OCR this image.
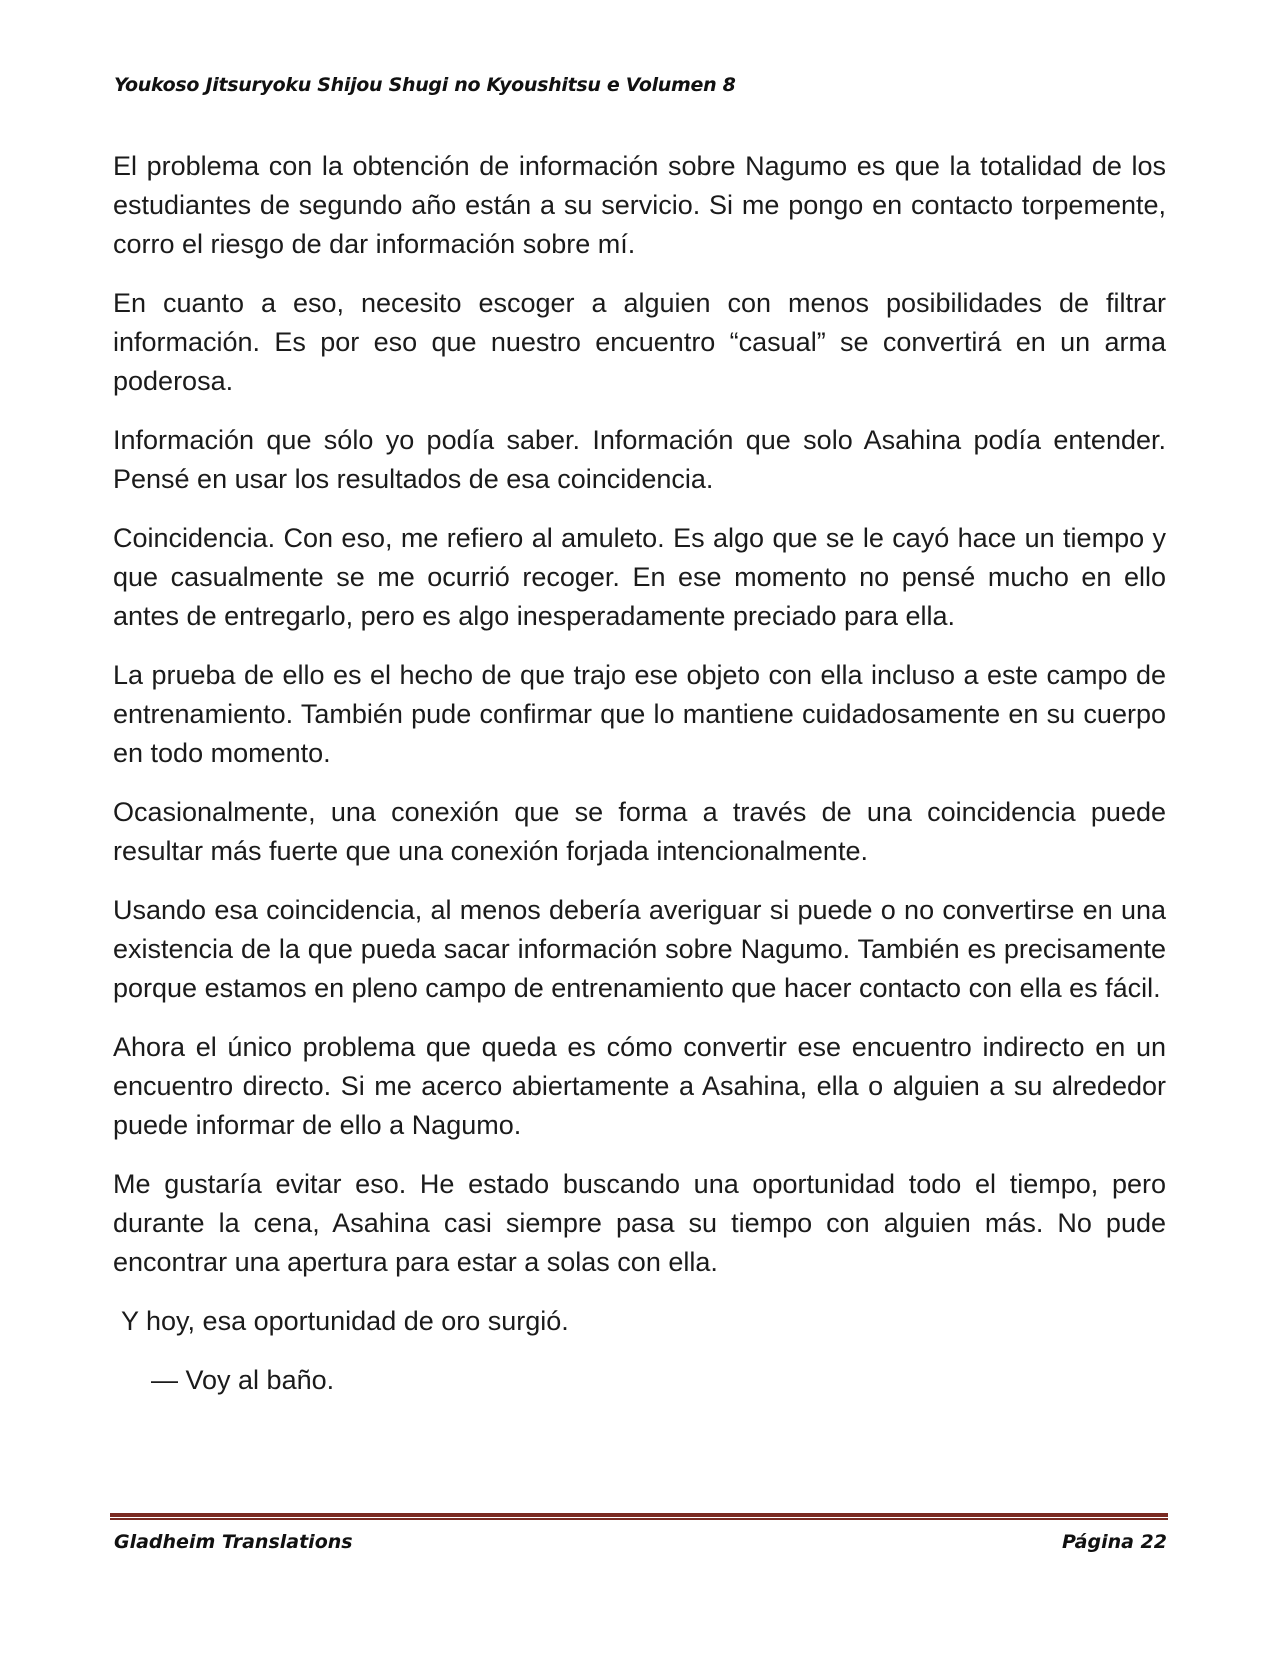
Youkoso Jitsuryoku Shijou Shugi no Kyoushitsu e Volumen 8

El problema con la obtención de información sobre Nagumo es que la totalidad de los estudiantes de segundo año están a su servicio. Si me pongo en contacto torpemente, corro el riesgo de dar información sobre mí.

En cuanto a eso, necesito escoger a alguien con menos posibilidades de filtrar información. Es por eso que nuestro encuentro “casual” se convertirá en un arma poderosa.

Información que sólo yo podía saber. Información que solo Asahina podía entender. Pensé en usar los resultados de esa coincidencia.

Coincidencia. Con eso, me refiero al amuleto. Es algo que se le cayó hace un tiempo y que casualmente se me ocurrió recoger. En ese momento no pensé mucho en ello antes de entregarlo, pero es algo inesperadamente preciado para ella.

La prueba de ello es el hecho de que trajo ese objeto con ella incluso a este campo de entrenamiento. También pude confirmar que lo mantiene cuidadosamente en su cuerpo en todo momento.

Ocasionalmente, una conexión que se forma a través de una coincidencia puede resultar más fuerte que una conexión forjada intencionalmente.

Usando esa coincidencia, al menos debería averiguar si puede o no convertirse en una existencia de la que pueda sacar información sobre Nagumo. También es precisamente porque estamos en pleno campo de entrenamiento que hacer contacto con ella es fácil.

Ahora el único problema que queda es cómo convertir ese encuentro indirecto en un encuentro directo. Si me acerco abiertamente a Asahina, ella o alguien a su alrededor puede informar de ello a Nagumo.

Me gustaría evitar eso. He estado buscando una oportunidad todo el tiempo, pero durante la cena, Asahina casi siempre pasa su tiempo con alguien más. No pude encontrar una apertura para estar a solas con ella.

Y hoy, esa oportunidad de oro surgió.

— Voy al baño.

Gladheim Translations	Página 22
